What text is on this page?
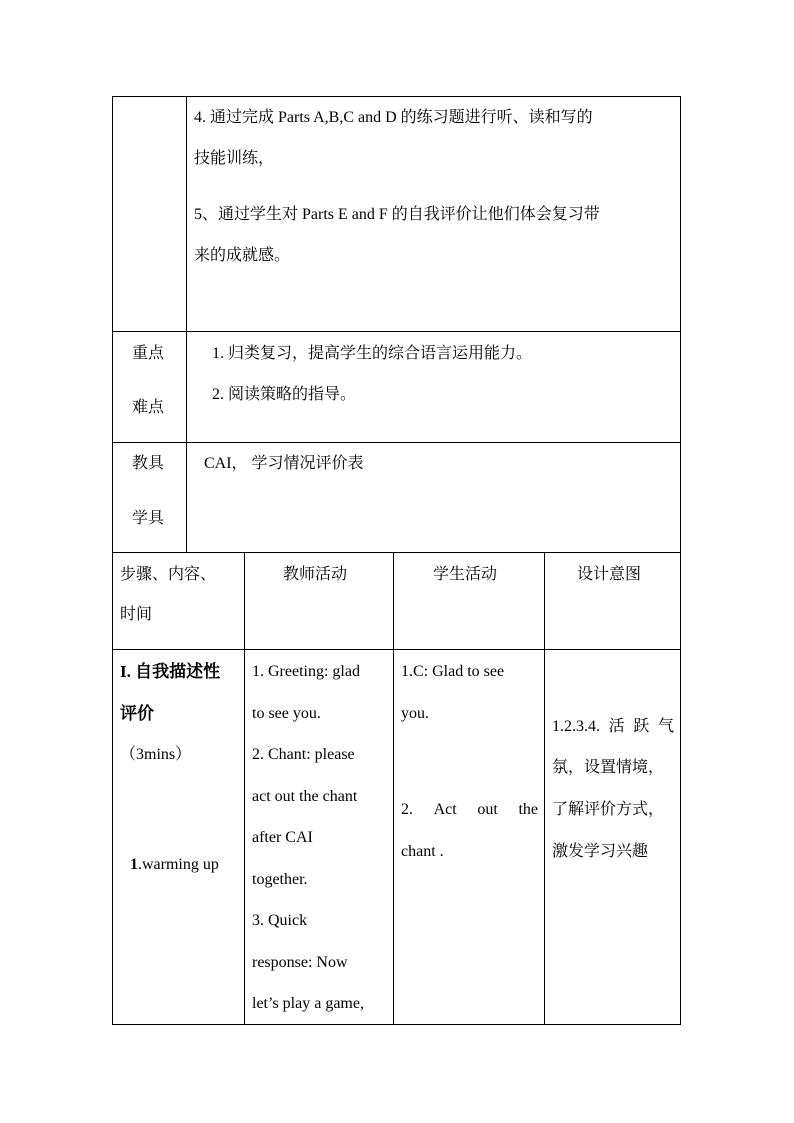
4. 通过完成 Parts A,B,C and D 的练习题进行听、读和写的
技能训练，
5、通过学生对 Parts E and F 的自我评价让他们体会复习带
来的成就感。
重点
难点
1. 归类复习，提高学生的综合语言运用能力。
2. 阅读策略的指导。
教具
学具
CAI， 学习情况评价表
步骤、内容、
时间
教师活动	学生活动	设计意图
I. 自我描述性
评价
（3mins）
1.warming up
1. Greeting: glad
to see you.
2. Chant: please
act out the chant
after CAI
together.
3. Quick
response: Now
let’s play a game,
1.C: Glad to see
you.
2. Act out the
chant .
1.2.3.4. 活 跃 气
氛，设置情境，
了解评价方式，
激发学习兴趣
